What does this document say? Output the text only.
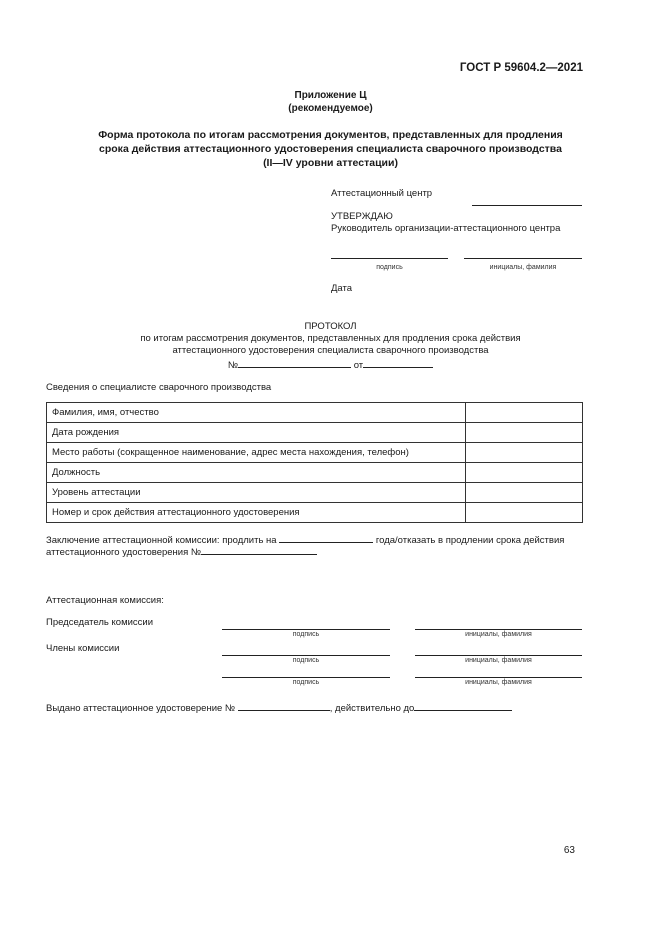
ГОСТ Р 59604.2—2021
Приложение Ц
(рекомендуемое)
Форма протокола по итогам рассмотрения документов, представленных для продления
срока действия аттестационного удостоверения специалиста сварочного производства
(II—IV уровни аттестации)
Аттестационный центр
УТВЕРЖДАЮ
Руководитель организации-аттестационного центра
подпись	инициалы, фамилия
Дата
ПРОТОКОЛ
по итогам рассмотрения документов, представленных для продления срока действия
аттестационного удостоверения специалиста сварочного производства
№	от
Сведения о специалисте сварочного производства
Фамилия, имя, отчество	
Дата рождения	
Место работы (сокращенное наименование, адрес места нахождения, телефон)	
Должность	
Уровень аттестации	
Номер и срок действия аттестационного удостоверения	
Заключение аттестационной комиссии: продлить на	года/отказать в продлении срока действия
аттестационного удостоверения №
Аттестационная комиссия:
Председатель комиссии
подпись	инициалы, фамилия
Члены комиссии
подпись	инициалы, фамилия
подпись	инициалы, фамилия
Выдано аттестационное удостоверение №	, действительно до
63
